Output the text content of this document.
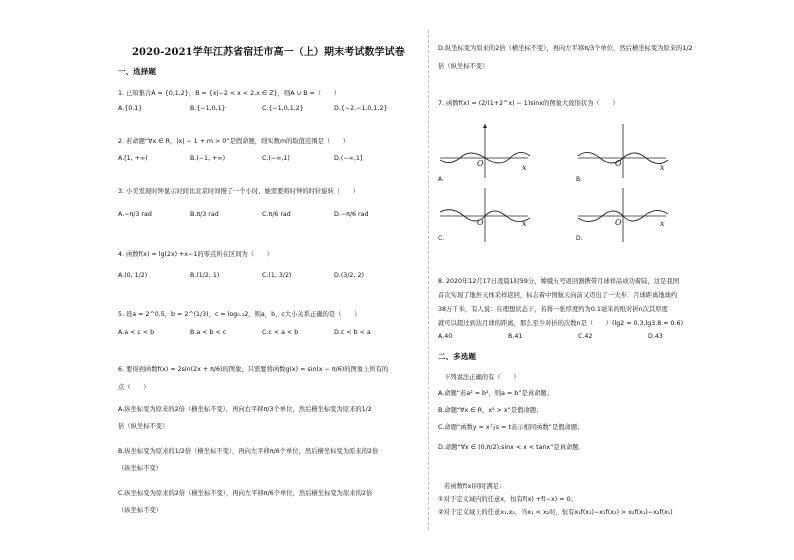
2020-2021学年江苏省宿迁市高一（上）期末考试数学试卷
一、选择题
1. 已知集合A = {0,1,2}，B = {x|−2 < x < 2,x ∈ Z}，则A ∪ B =（　　）
A.{0,1}	B.{−1,0,1}	C.{−1,0,1,2}	D.{−2,−1,0,1,2}
2. 若命题“∀x ∈ R，|x| − 1 + m > 0”是假命题，则实数m的取值范围是（　　）
A.[1, +∞)	B.(−1, +∞)	C.(−∞,1)	D.(−∞,1]
3. 小美发现时钟显示时间比北京时间慢了一个小时，她需要将时钟的时针旋转（　　）
A.−π/3 rad	B.π/3 rad	C.π/6 rad	D.−π/6 rad
4. 函数f(x) = lg(2x) +x−1的零点所在区间为（　　）
A.(0, 1/2)	B.(1/2, 1)	C.(1, 3/2)	D.(3/2, 2)
5. 设a = 2^0.5，b = 2^(1/3)，c = log₀.₃2，则a，b，c大小关系正确的是（　　）
A.a < c < b	B.a < b < c	C.c < a < b	D.c < b < a
6. 要得到函数f(x) = 2sin(2x + π/6)的图象，只需要将函数g(x) = sin(x − π/6)的图象上所有的
点（　　）
A.纵坐标变为原来的2倍（横坐标不变），再向右平移π/3个单位，然后横坐标变为原来的1/2
倍（纵坐标不变）
B.纵坐标变为原来的1/2倍（横坐标不变），再向左平移π/6个单位，然后横坐标变为原来的2倍
（纵坐标不变）
C.纵坐标变为原来的2倍（横坐标不变），再向左平移π/6个单位，然后横坐标变为原来的2倍
（纵坐标不变）
D.纵坐标变为原来的2倍（横坐标不变），再向左平移π/3个单位，然后横坐标变为原来的1/2
倍（纵坐标不变）
7. 函数f(x) = (2/(1+2^x) − 1)sinx的图象大致形状为（　　）
O	x
A.
O	x
B.
O	x
C.
O	x
D.
8. 2020年12月17日凌晨1时59分，嫦娥五号返回器携带月球样品成功着陆，这是我国
首次实现了地外天体采样返回，标志着中国航天向前又迈出了一大步．月球距离地球约
38万千米，有人说：在理想状态下，若将一张厚度约为0.1毫米的纸对折n次其厚度
就可以超过到达月球的距离，那么至少对折的次数n是（　　）(lg2 ≈ 0.3,lg3.8 ≈ 0.6)
A.40	B.41	C.42	D.43
二、多选题
下列说法正确的有（　　）
A.命题“若a² = b²，则a = b”是真命题；
B.命题“∀x ∈ R，x² > x”是假命题；
C.命题“函数y = x与s = t表示相同函数”是假命题；
D.命题“∀x ∈ (0,π/2),sinx < x < tanx”是真命题．
若函数f(x)同时满足：
①对于定义域内的任意x，恒有f(x) +f(−x) = 0；
②对于定义域上的任意x₁,x₂，当x₁ < x₂时，恒有x₁f(x₁)−x₁f(x₂) > x₂f(x₁)−x₂f(x₁)
